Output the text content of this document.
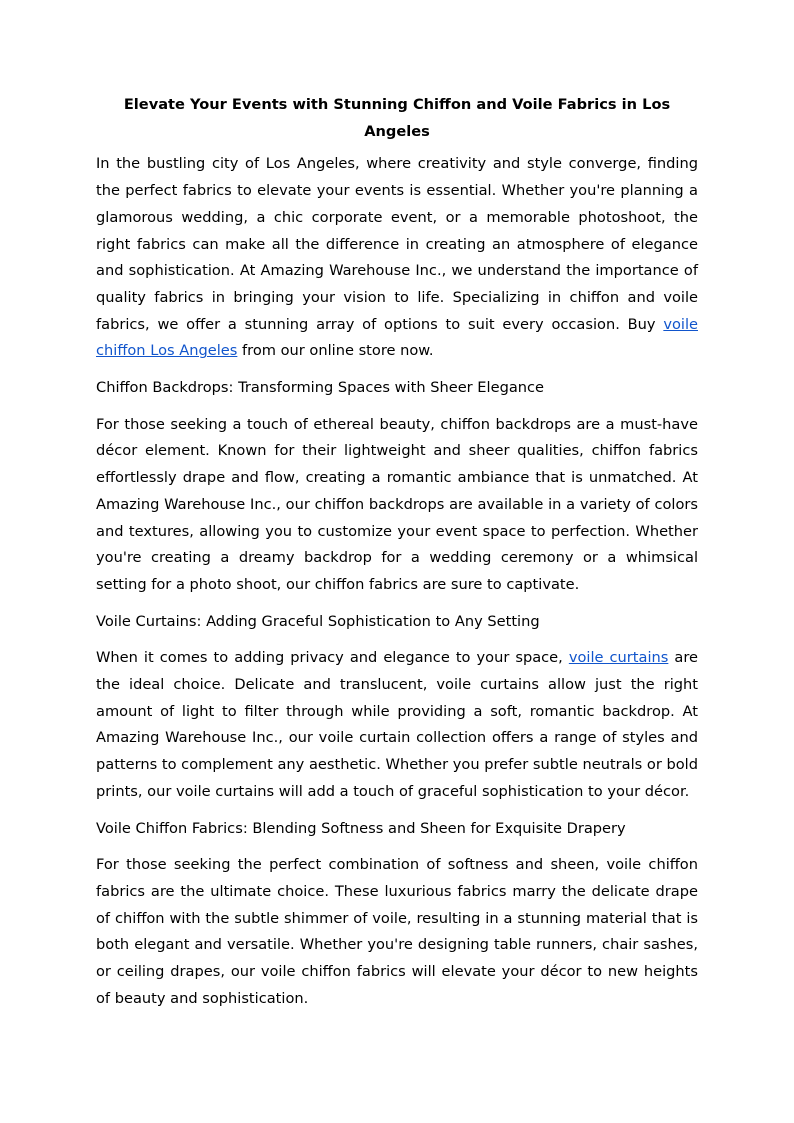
Elevate Your Events with Stunning Chiffon and Voile Fabrics in Los Angeles

In the bustling city of Los Angeles, where creativity and style converge, finding the perfect fabrics to elevate your events is essential. Whether you're planning a glamorous wedding, a chic corporate event, or a memorable photoshoot, the right fabrics can make all the difference in creating an atmosphere of elegance and sophistication. At Amazing Warehouse Inc., we understand the importance of quality fabrics in bringing your vision to life. Specializing in chiffon and voile fabrics, we offer a stunning array of options to suit every occasion. Buy voile chiffon Los Angeles from our online store now.

Chiffon Backdrops: Transforming Spaces with Sheer Elegance

For those seeking a touch of ethereal beauty, chiffon backdrops are a must-have décor element. Known for their lightweight and sheer qualities, chiffon fabrics effortlessly drape and flow, creating a romantic ambiance that is unmatched. At Amazing Warehouse Inc., our chiffon backdrops are available in a variety of colors and textures, allowing you to customize your event space to perfection. Whether you're creating a dreamy backdrop for a wedding ceremony or a whimsical setting for a photo shoot, our chiffon fabrics are sure to captivate.

Voile Curtains: Adding Graceful Sophistication to Any Setting

When it comes to adding privacy and elegance to your space, voile curtains are the ideal choice. Delicate and translucent, voile curtains allow just the right amount of light to filter through while providing a soft, romantic backdrop. At Amazing Warehouse Inc., our voile curtain collection offers a range of styles and patterns to complement any aesthetic. Whether you prefer subtle neutrals or bold prints, our voile curtains will add a touch of graceful sophistication to your décor.

Voile Chiffon Fabrics: Blending Softness and Sheen for Exquisite Drapery

For those seeking the perfect combination of softness and sheen, voile chiffon fabrics are the ultimate choice. These luxurious fabrics marry the delicate drape of chiffon with the subtle shimmer of voile, resulting in a stunning material that is both elegant and versatile. Whether you're designing table runners, chair sashes, or ceiling drapes, our voile chiffon fabrics will elevate your décor to new heights of beauty and sophistication.
